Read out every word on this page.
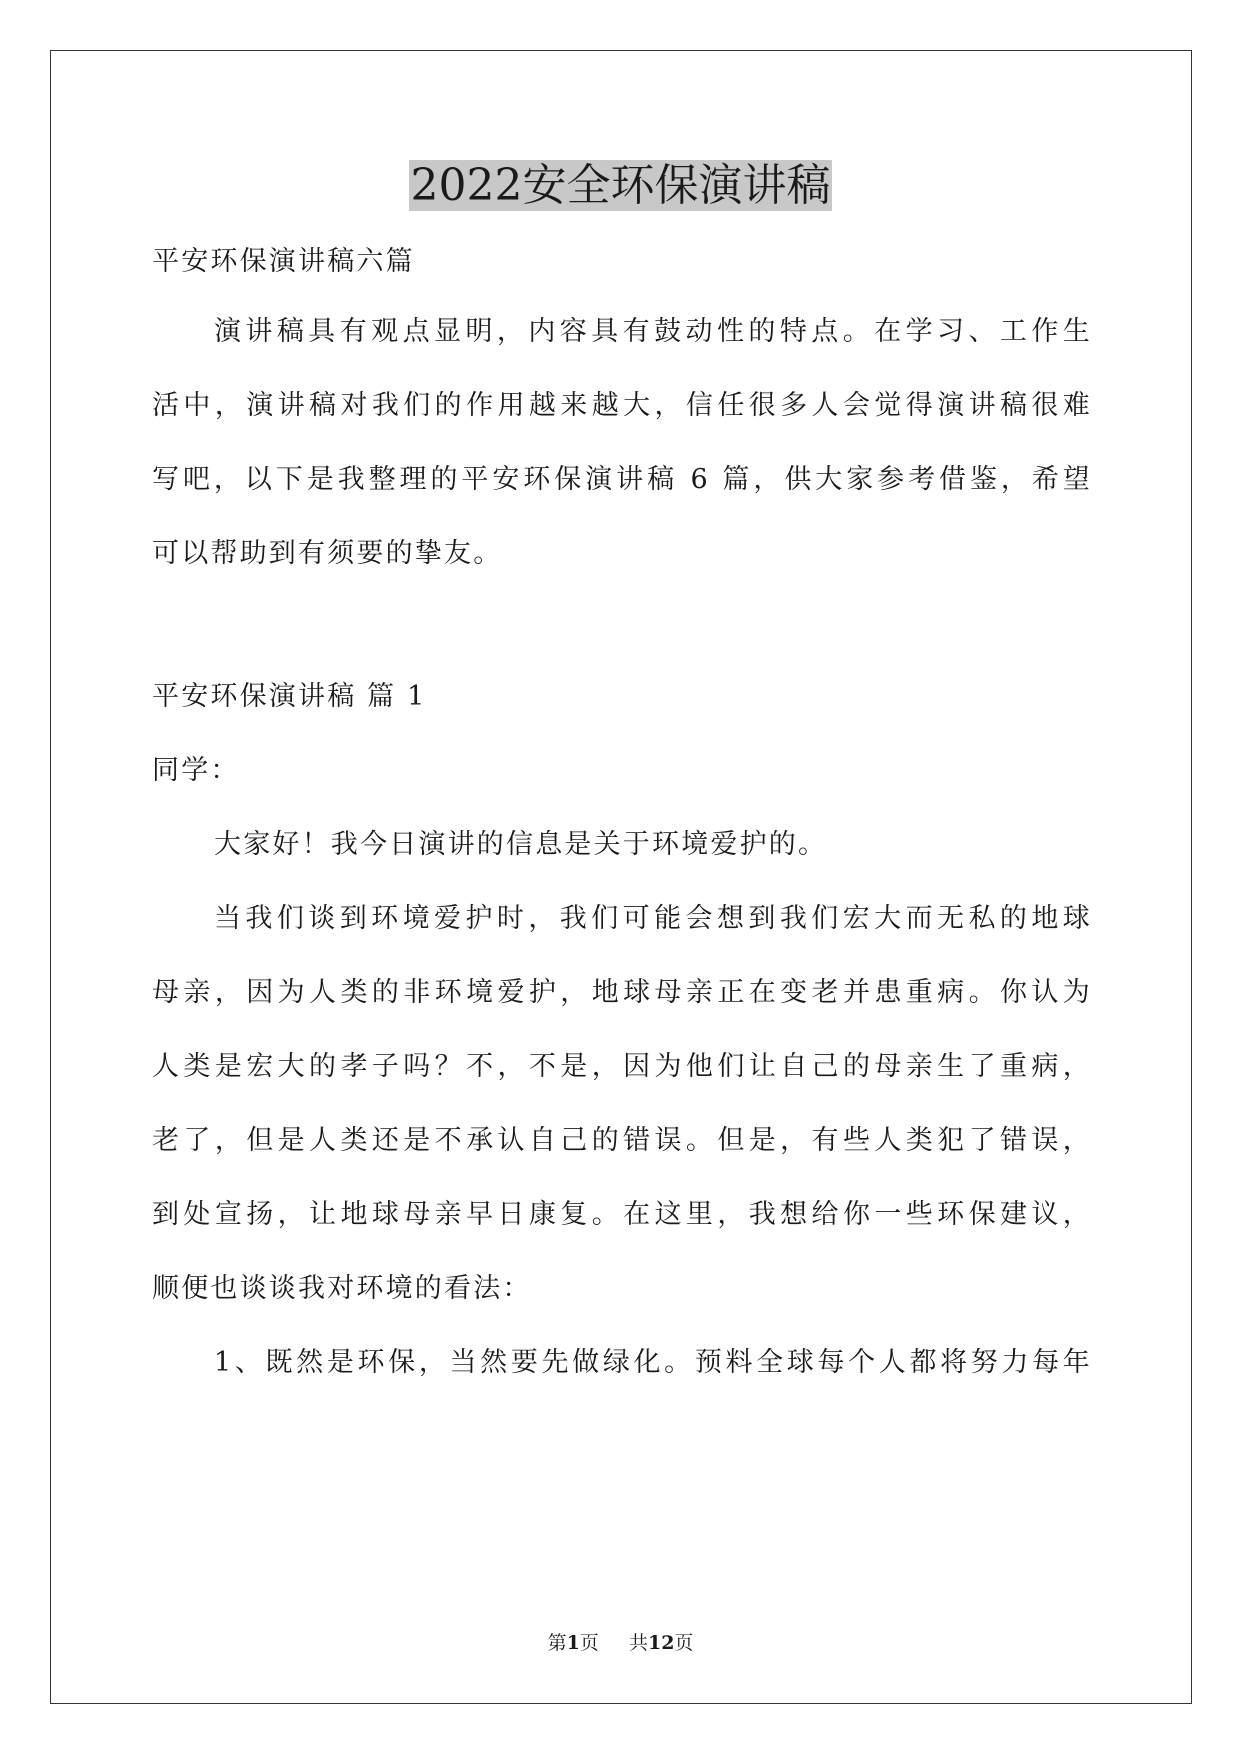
2022安全环保演讲稿

平安环保演讲稿六篇

演讲稿具有观点显明，内容具有鼓动性的特点。在学习、工作生

活中，演讲稿对我们的作用越来越大，信任很多人会觉得演讲稿很难

写吧，以下是我整理的平安环保演讲稿 6 篇，供大家参考借鉴，希望

可以帮助到有须要的挚友。

平安环保演讲稿 篇 1

同学：

大家好！我今日演讲的信息是关于环境爱护的。

当我们谈到环境爱护时，我们可能会想到我们宏大而无私的地球

母亲，因为人类的非环境爱护，地球母亲正在变老并患重病。你认为

人类是宏大的孝子吗？不，不是，因为他们让自己的母亲生了重病，

老了，但是人类还是不承认自己的错误。但是，有些人类犯了错误，

到处宣扬，让地球母亲早日康复。在这里，我想给你一些环保建议，

顺便也谈谈我对环境的看法：

1、既然是环保，当然要先做绿化。预料全球每个人都将努力每年

第1页 共12页
